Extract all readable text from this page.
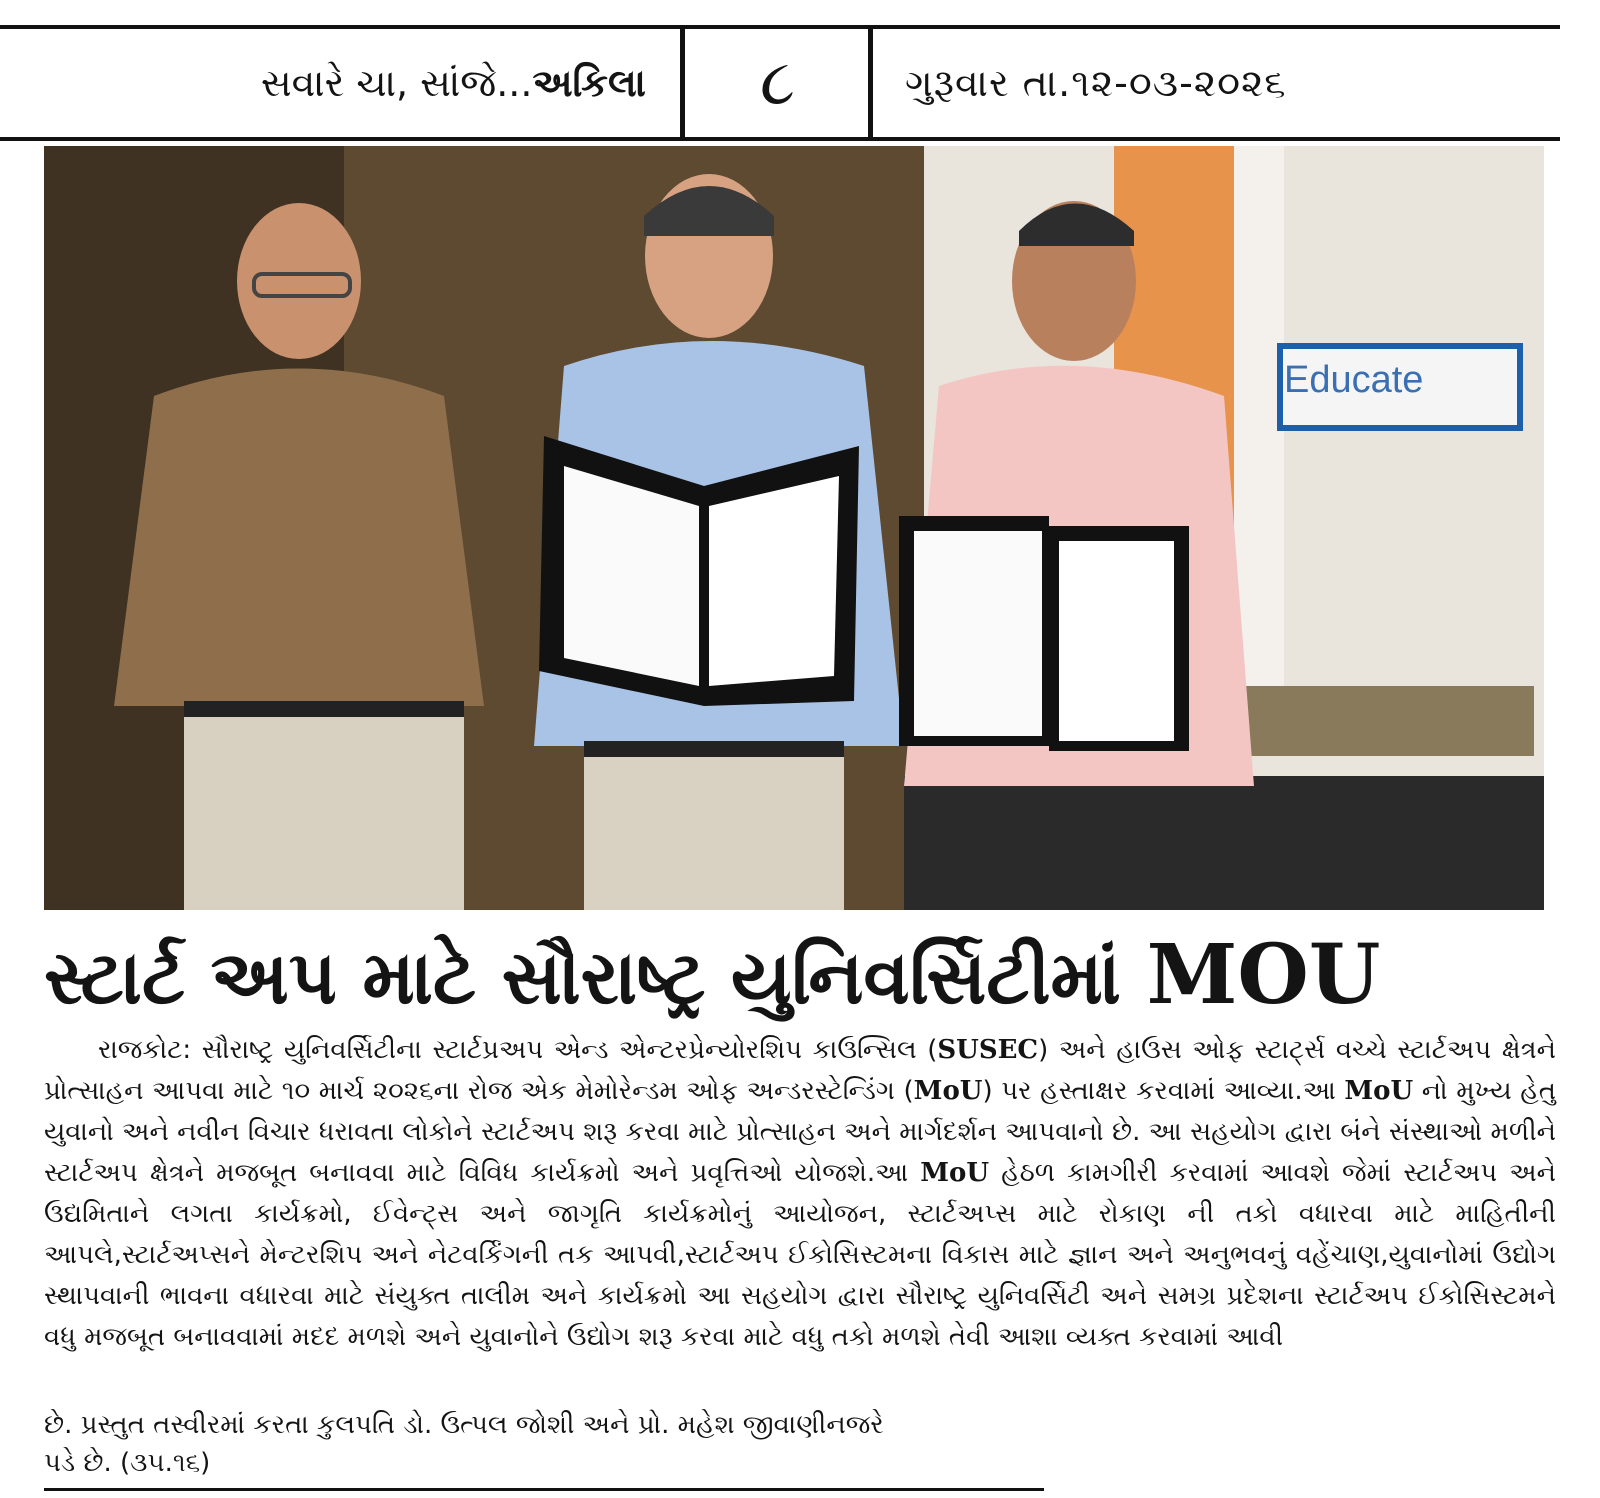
સવારે ચા, સાંજે... અકિલા	૮	ગુરૂવાર તા.૧૨-૦૩-૨૦૨૬
Educate
સ્ટાર્ટ અપ માટે સૌરાષ્ટ્ર યુનિવર્સિટીમાં MOU
રાજકોટ: સૌરાષ્ટ્ર યુનિવર્સિટીના સ્ટાર્ટપ્રઅપ એન્ડ એન્ટરપ્રેન્યોરશિપ કાઉન્સિલ (SUSEC) અને હાઉસ ઓફ સ્ટાર્ટ્સ વચ્ચે સ્ટાર્ટઅપ ક્ષેત્રને પ્રોત્સાહન આપવા માટે ૧૦ માર્ચ ૨૦૨૬ના રોજ એક મેમોરેન્ડમ ઓફ અન્ડરસ્ટેન્ડિંગ (MoU) પર હસ્તાક્ષર કરવામાં આવ્યા.આ MoU નો મુખ્ય હેતુ યુવાનો અને નવીન વિચાર ધરાવતા લોકોને સ્ટાર્ટઅપ શરૂ કરવા માટે પ્રોત્સાહન અને માર્ગદર્શન આપવાનો છે. આ સહયોગ દ્વારા બંને સંસ્થાઓ મળીને સ્ટાર્ટઅપ ક્ષેત્રને મજબૂત બનાવવા માટે વિવિધ કાર્યક્રમો અને પ્રવૃત્તિઓ યોજશે.આ MoU હેઠળ કામગીરી કરવામાં આવશે જેમાં સ્ટાર્ટઅપ અને ઉદ્યમિતાને લગતા કાર્યક્રમો, ઈવેન્ટ્સ અને જાગૃતિ કાર્યક્રમોનું આયોજન, સ્ટાર્ટઅપ્સ માટે રોકાણ ની તકો વધારવા માટે માહિતીની આપલે,સ્ટાર્ટઅપ્સને મેન્ટરશિપ અને નેટવર્કિંગની તક આપવી,સ્ટાર્ટઅપ ઈકોસિસ્ટમના વિકાસ માટે જ્ઞાન અને અનુભવનું વહેંચાણ,યુવાનોમાં ઉદ્યોગ સ્થાપવાની ભાવના વધારવા માટે સંયુક્ત તાલીમ અને કાર્યક્રમો આ સહયોગ દ્વારા સૌરાષ્ટ્ર યુનિવર્સિટી અને સમગ્ર પ્રદેશના સ્ટાર્ટઅપ ઈકોસિસ્ટમને વધુ મજબૂત બનાવવામાં મદદ મળશે અને યુવાનોને ઉદ્યોગ શરૂ કરવા માટે વધુ તકો મળશે તેવી આશા વ્યક્ત કરવામાં આવી
છે. પ્રસ્તુત તસ્વીરમાં કરતા કુલપતિ ડો. ઉત્પલ જોશી અને પ્રો. મહેશ જીવાણીનજરે
પડે છે. (૩૫.૧૬)
